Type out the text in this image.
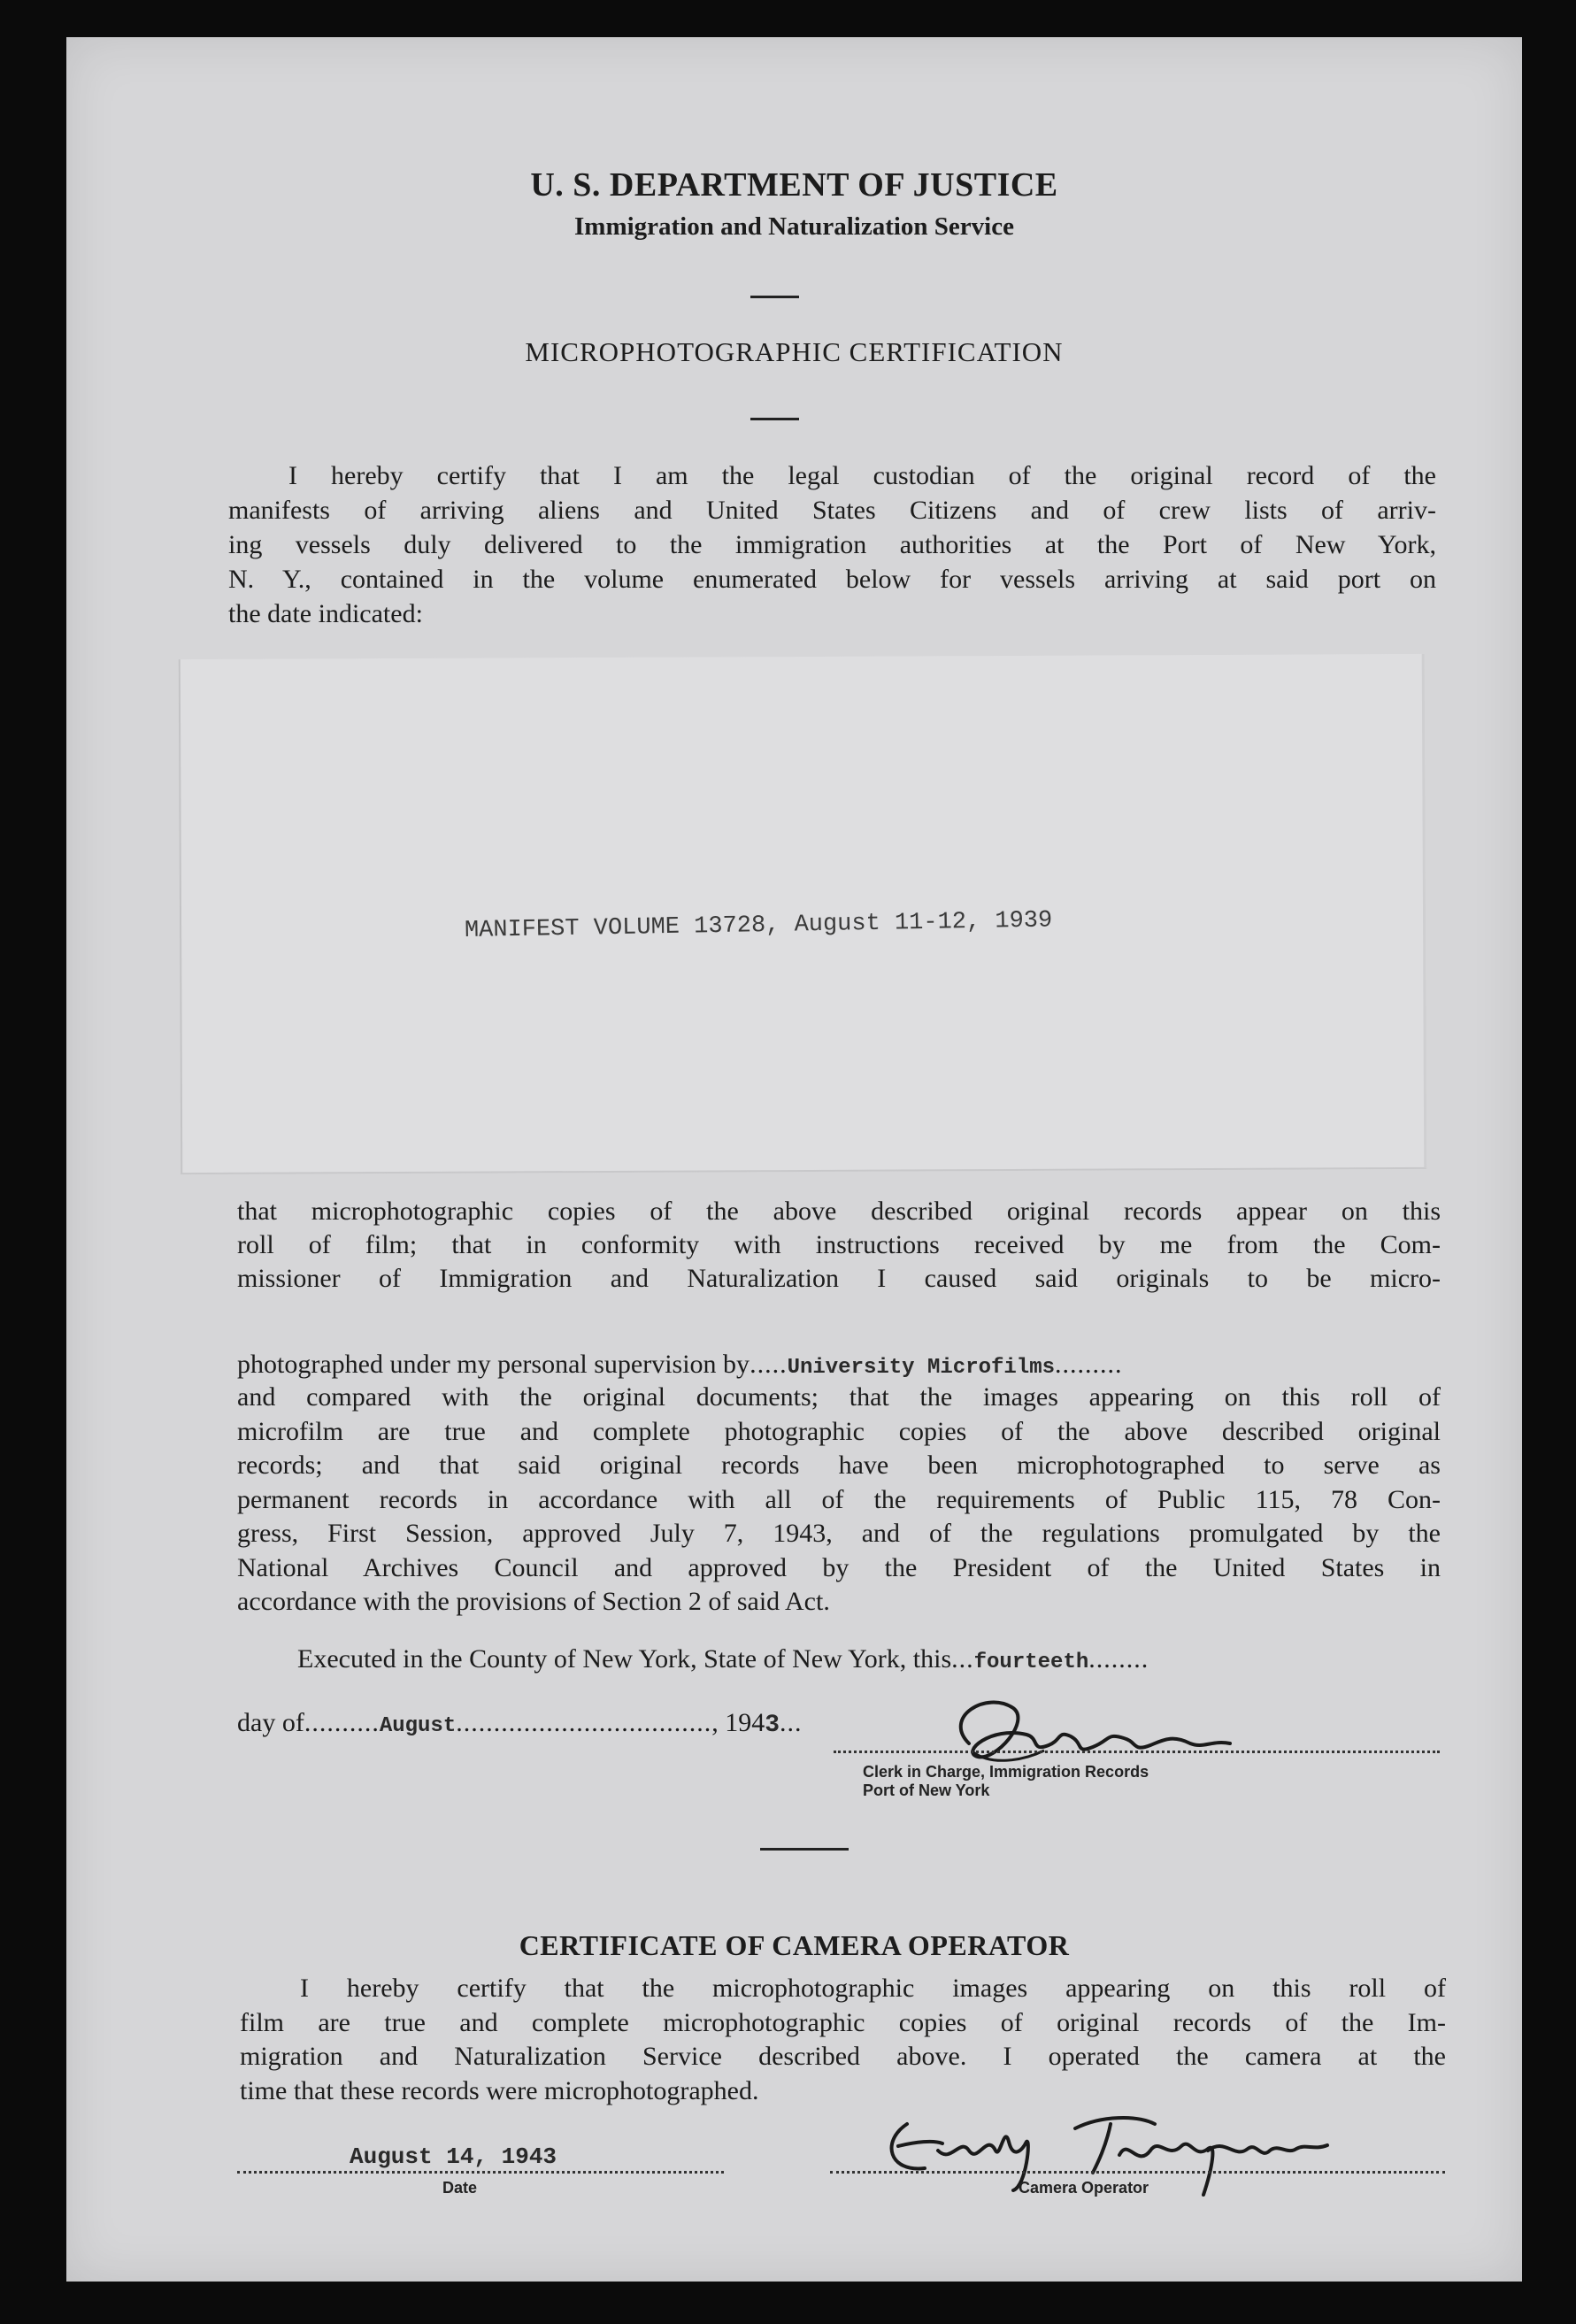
U. S. DEPARTMENT OF JUSTICE
Immigration and Naturalization Service
MICROPHOTOGRAPHIC CERTIFICATION
I hereby certify that I am the legal custodian of the original record of the
manifests of arriving aliens and United States Citizens and of crew lists of arriv-
ing vessels duly delivered to the immigration authorities at the Port of New York,
N. Y., contained in the volume enumerated below for vessels arriving at said port on
the date indicated:
MANIFEST VOLUME 13728, August 11-12, 1939
that microphotographic copies of the above described original records appear on this
roll of film; that in conformity with instructions received by me from the Com-
missioner of Immigration and Naturalization I caused said originals to be micro-
photographed under my personal supervision by.....University Microfilms.........
and compared with the original documents; that the images appearing on this roll of
microfilm are true and complete photographic copies of the above described original
records; and that said original records have been microphotographed to serve as
permanent records in accordance with all of the requirements of Public 115, 78 Con-
gress, First Session, approved July 7, 1943, and of the regulations promulgated by the
National Archives Council and approved by the President of the United States in
accordance with the provisions of Section 2 of said Act.
Executed in the County of New York, State of New York, this...fourteeth........
day of..........August.................................., 1943...
Clerk in Charge, Immigration Records
Port of New York
CERTIFICATE OF CAMERA OPERATOR
I hereby certify that the microphotographic images appearing on this roll of
film are true and complete microphotographic copies of original records of the Im-
migration and Naturalization Service described above. I operated the camera at the
time that these records were microphotographed.
August 14, 1943
Date	Camera Operator
